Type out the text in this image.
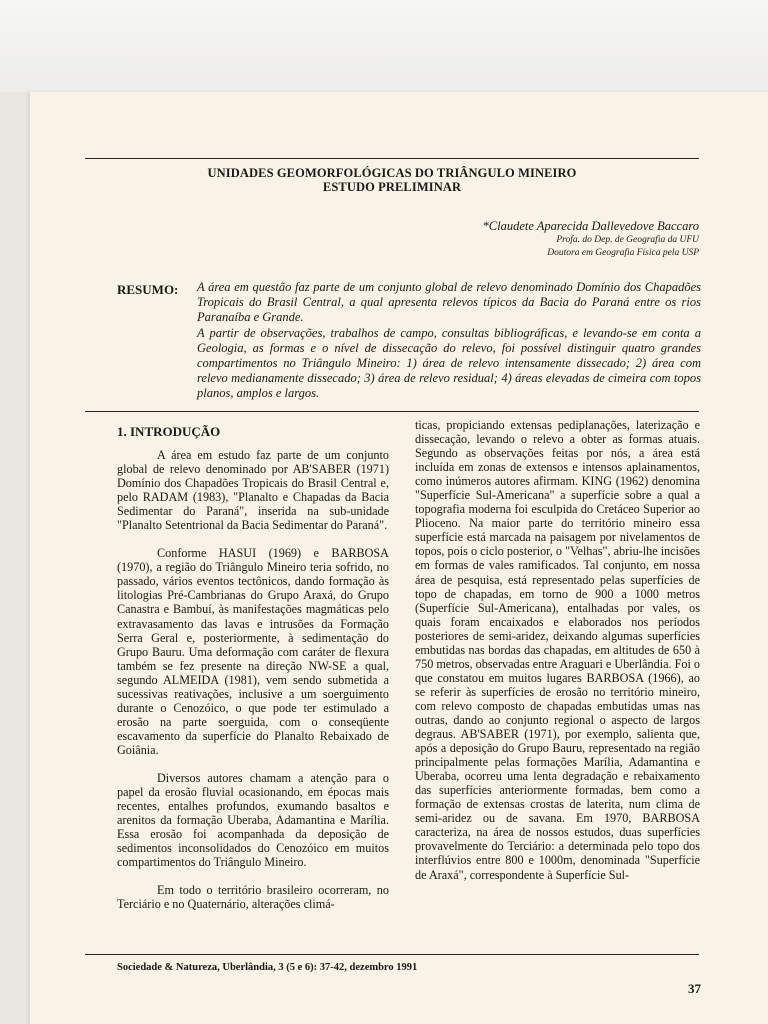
UNIDADES GEOMORFOLÓGICAS DO TRIÂNGULO MINEIRO
ESTUDO PRELIMINAR
*Claudete Aparecida Dallevedove Baccaro
Profa. do Dep. de Geografia da UFU
Doutora em Geografia Física pela USP
RESUMO: A área em questão faz parte de um conjunto global de relevo denominado Domínio dos Chapadões Tropicais do Brasil Central, a qual apresenta relevos típicos da Bacia do Paraná entre os rios Paranaíba e Grande.

A partir de observações, trabalhos de campo, consultas bibliográficas, e levando-se em conta a Geologia, as formas e o nível de dissecação do relevo, foi possível distinguir quatro grandes compartimentos no Triângulo Mineiro: 1) área de relevo intensamente dissecado; 2) área com relevo medianamente dissecado; 3) área de relevo residual; 4) áreas elevadas de cimeira com topos planos, amplos e largos.

1. INTRODUÇÃO

A área em estudo faz parte de um conjunto global de relevo denominado por AB'SABER (1971) Domínio dos Chapadões Tropicais do Brasil Central e, pelo RADAM (1983), "Planalto e Chapadas da Bacia Sedimentar do Paraná", inserida na sub-unidade "Planalto Setentrional da Bacia Sedimentar do Paraná".

Conforme HASUI (1969) e BARBOSA (1970), a região do Triângulo Mineiro teria sofrido, no passado, vários eventos tectônicos, dando formação às litologias Pré-Cambrianas do Grupo Araxá, do Grupo Canastra e Bambuí, às manifestações magmáticas pelo extravasamento das lavas e intrusões da Formação Serra Geral e, posteriormente, à sedimentação do Grupo Bauru. Uma deformação com caráter de flexura também se fez presente na direção NW-SE a qual, segundo ALMEIDA (1981), vem sendo submetida a sucessivas reativações, inclusive a um soerguimento durante o Cenozóico, o que pode ter estimulado a erosão na parte soerguida, com o conseqüente escavamento da superfície do Planalto Rebaixado de Goiânia.

Diversos autores chamam a atenção para o papel da erosão fluvial ocasionando, em épocas mais recentes, entalhes profundos, exumando basaltos e arenitos da formação Uberaba, Adamantina e Marília. Essa erosão foi acompanhada da deposição de sedimentos inconsolidados do Cenozóico em muitos compartimentos do Triângulo Mineiro.

Em todo o território brasileiro ocorreram, no Terciário e no Quaternário, alterações climá-

ticas, propiciando extensas pediplanações, laterização e dissecação, levando o relevo a obter as formas atuais. Segundo as observações feitas por nós, a área está incluída em zonas de extensos e intensos aplainamentos, como inúmeros autores afirmam. KING (1962) denomina "Superfície Sul-Americana" a superfície sobre a qual a topografia moderna foi esculpida do Cretáceo Superior ao Plioceno. Na maior parte do território mineiro essa superfície está marcada na paisagem por nivelamentos de topos, pois o ciclo posterior, o "Velhas", abriu-lhe incisões em formas de vales ramificados. Tal conjunto, em nossa área de pesquisa, está representado pelas superfícies de topo de chapadas, em torno de 900 a 1000 metros (Superfície Sul-Americana), entalhadas por vales, os quais foram encaixados e elaborados nos períodos posteriores de semi-aridez, deixando algumas superfícies embutidas nas bordas das chapadas, em altitudes de 650 à 750 metros, observadas entre Araguari e Uberlândia. Foi o que constatou em muitos lugares BARBOSA (1966), ao se referir às superfícies de erosão no território mineiro, com relevo composto de chapadas embutidas umas nas outras, dando ao conjunto regional o aspecto de largos degraus. AB'SABER (1971), por exemplo, salienta que, após a deposição do Grupo Bauru, representado na região principalmente pelas formações Marília, Adamantina e Uberaba, ocorreu uma lenta degradação e rebaixamento das superfícies anteriormente formadas, bem como a formação de extensas crostas de laterita, num clima de semi-aridez ou de savana. Em 1970, BARBOSA caracteriza, na área de nossos estudos, duas superfícies provavelmente do Terciário: a determinada pelo topo dos interflúvios entre 800 e 1000m, denominada "Superfície de Araxá", correspondente à Superfície Sul-

Sociedade & Natureza, Uberlândia, 3 (5 e 6): 37-42, dezembro 1991
37
